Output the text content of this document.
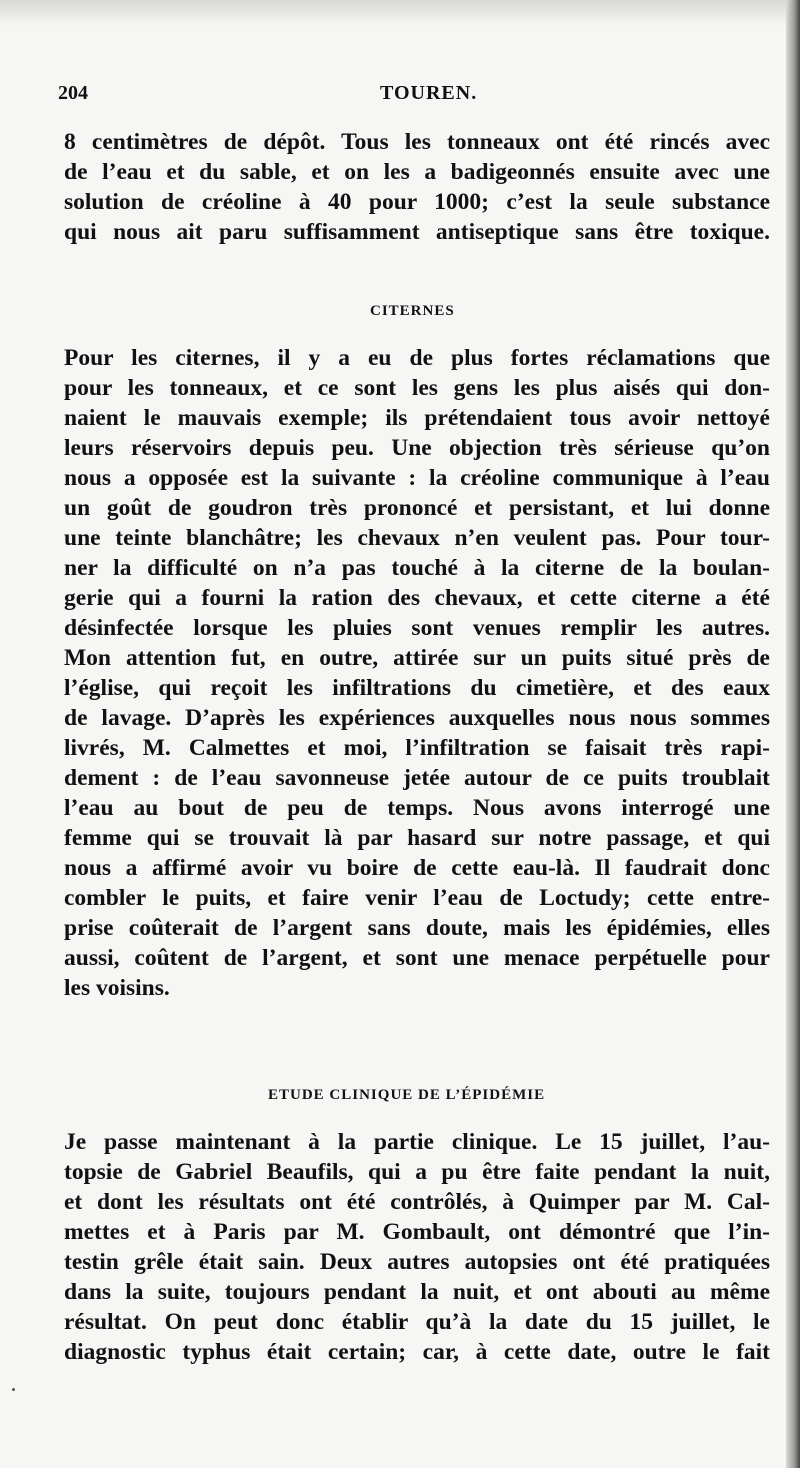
204	TOUREN.
8 centimètres de dépôt. Tous les tonneaux ont été rincés avec
de l’eau et du sable, et on les a badigeonnés ensuite avec une
solution de créoline à 40 pour 1000; c’est la seule substance
qui nous ait paru suffisamment antiseptique sans être toxique.
CITERNES
Pour les citernes, il y a eu de plus fortes réclamations que
pour les tonneaux, et ce sont les gens les plus aisés qui don-
naient le mauvais exemple; ils prétendaient tous avoir nettoyé
leurs réservoirs depuis peu. Une objection très sérieuse qu’on
nous a opposée est la suivante : la créoline communique à l’eau
un goût de goudron très prononcé et persistant, et lui donne
une teinte blanchâtre; les chevaux n’en veulent pas. Pour tour-
ner la difficulté on n’a pas touché à la citerne de la boulan-
gerie qui a fourni la ration des chevaux, et cette citerne a été
désinfectée lorsque les pluies sont venues remplir les autres.
Mon attention fut, en outre, attirée sur un puits situé près de
l’église, qui reçoit les infiltrations du cimetière, et des eaux
de lavage. D’après les expériences auxquelles nous nous sommes
livrés, M. Calmettes et moi, l’infiltration se faisait très rapi-
dement : de l’eau savonneuse jetée autour de ce puits troublait
l’eau au bout de peu de temps. Nous avons interrogé une
femme qui se trouvait là par hasard sur notre passage, et qui
nous a affirmé avoir vu boire de cette eau-là. Il faudrait donc
combler le puits, et faire venir l’eau de Loctudy; cette entre-
prise coûterait de l’argent sans doute, mais les épidémies, elles
aussi, coûtent de l’argent, et sont une menace perpétuelle pour
les voisins.
ETUDE CLINIQUE DE L’ÉPIDÉMIE
Je passe maintenant à la partie clinique. Le 15 juillet, l’au-
topsie de Gabriel Beaufils, qui a pu être faite pendant la nuit,
et dont les résultats ont été contrôlés, à Quimper par M. Cal-
mettes et à Paris par M. Gombault, ont démontré que l’in-
testin grêle était sain. Deux autres autopsies ont été pratiquées
dans la suite, toujours pendant la nuit, et ont abouti au même
résultat. On peut donc établir qu’à la date du 15 juillet, le
diagnostic typhus était certain; car, à cette date, outre le fait
